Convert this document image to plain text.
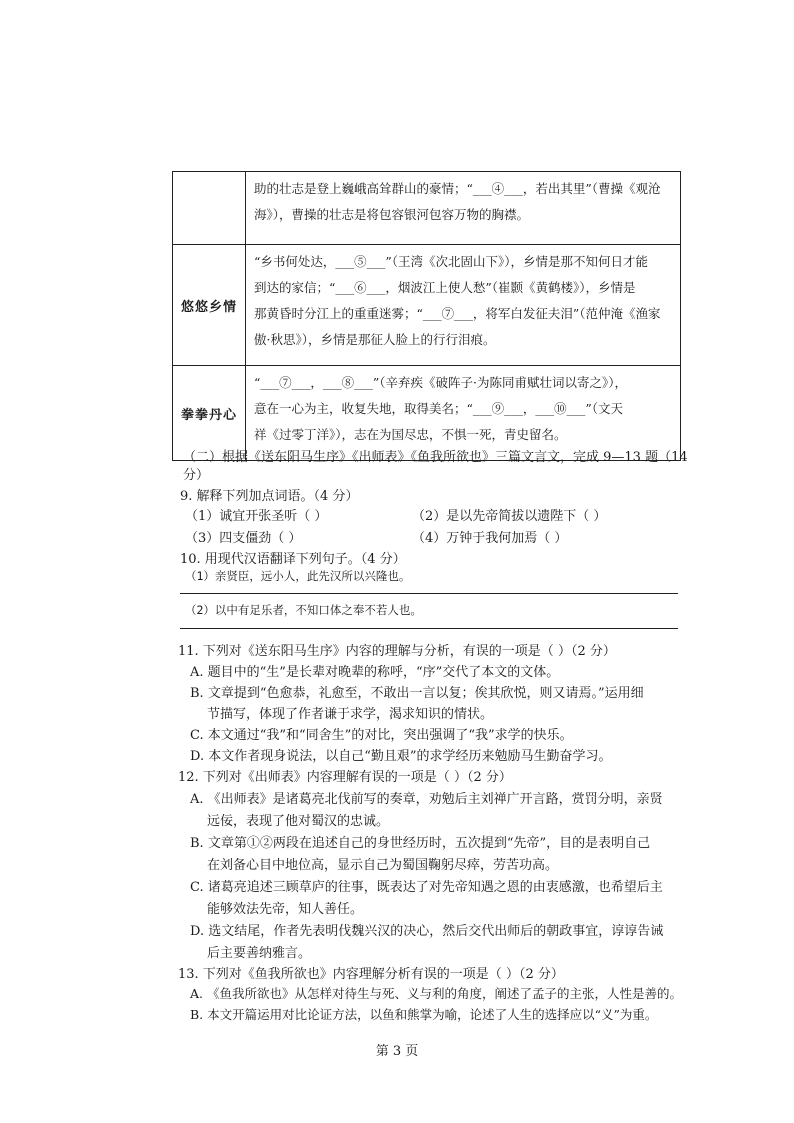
	助的壮志是登上巍峨高耸群山的豪情；“___④___，若出其里”（曹操《观沧
海》），曹操的壮志是将包容银河包容万物的胸襟。

悠悠乡情	“乡书何处达，___⑤___”（王湾《次北固山下》），乡情是那不知何日才能
到达的家信；“___⑥___，烟波江上使人愁”（崔颢《黄鹤楼》），乡情是
那黄昏时分江上的重重迷雾；“___⑦___，将军白发征夫泪”（范仲淹《渔家
傲·秋思》），乡情是那征人脸上的行行泪痕。

拳拳丹心	“___⑦___，___⑧___”（辛弃疾《破阵子·为陈同甫赋壮词以寄之》），
意在一心为主，收复失地，取得美名；“___⑨___，___⑩___”（文天
祥《过零丁洋》），志在为国尽忠，不惧一死，青史留名。
（二）根据《送东阳马生序》《出师表》《鱼我所欲也》三篇文言文，完成 9—13 题（14
分）
9. 解释下列加点词语。（4 分）
（1）诚宜开张圣听（ ）	（2）是以先帝简拔以遗陛下（ ）
（3）四支僵劲（ ）	（4）万钟于我何加焉（ ）
10. 用现代汉语翻译下列句子。（4 分）
（1）亲贤臣，远小人，此先汉所以兴隆也。
（2）以中有足乐者，不知口体之奉不若人也。
11. 下列对《送东阳马生序》内容的理解与分析，有误的一项是（ ）（2 分）
A. 题目中的“生”是长辈对晚辈的称呼，“序”交代了本文的文体。
B. 文章提到“色愈恭，礼愈至，不敢出一言以复；俟其欣悦，则又请焉。”运用细
节描写，体现了作者谦于求学，渴求知识的情状。
C. 本文通过“我”和“同舍生”的对比，突出强调了“我”求学的快乐。
D. 本文作者现身说法，以自己“勤且艰”的求学经历来勉励马生勤奋学习。
12. 下列对《出师表》内容理解有误的一项是（ ）（2 分）
A. 《出师表》是诸葛亮北伐前写的奏章，劝勉后主刘禅广开言路，赏罚分明，亲贤
远佞，表现了他对蜀汉的忠诚。
B. 文章第①②两段在追述自己的身世经历时，五次提到“先帝”，目的是表明自己
在刘备心目中地位高，显示自己为蜀国鞠躬尽瘁，劳苦功高。
C. 诸葛亮追述三顾草庐的往事，既表达了对先帝知遇之恩的由衷感激，也希望后主
能够效法先帝，知人善任。
D. 选文结尾，作者先表明伐魏兴汉的决心，然后交代出师后的朝政事宜，谆谆告诫
后主要善纳雅言。
13. 下列对《鱼我所欲也》内容理解分析有误的一项是（ ）（2 分）
A. 《鱼我所欲也》从怎样对待生与死、义与利的角度，阐述了孟子的主张，人性是善的。
B. 本文开篇运用对比论证方法，以鱼和熊掌为喻，论述了人生的选择应以“义”为重。
第 3 页
